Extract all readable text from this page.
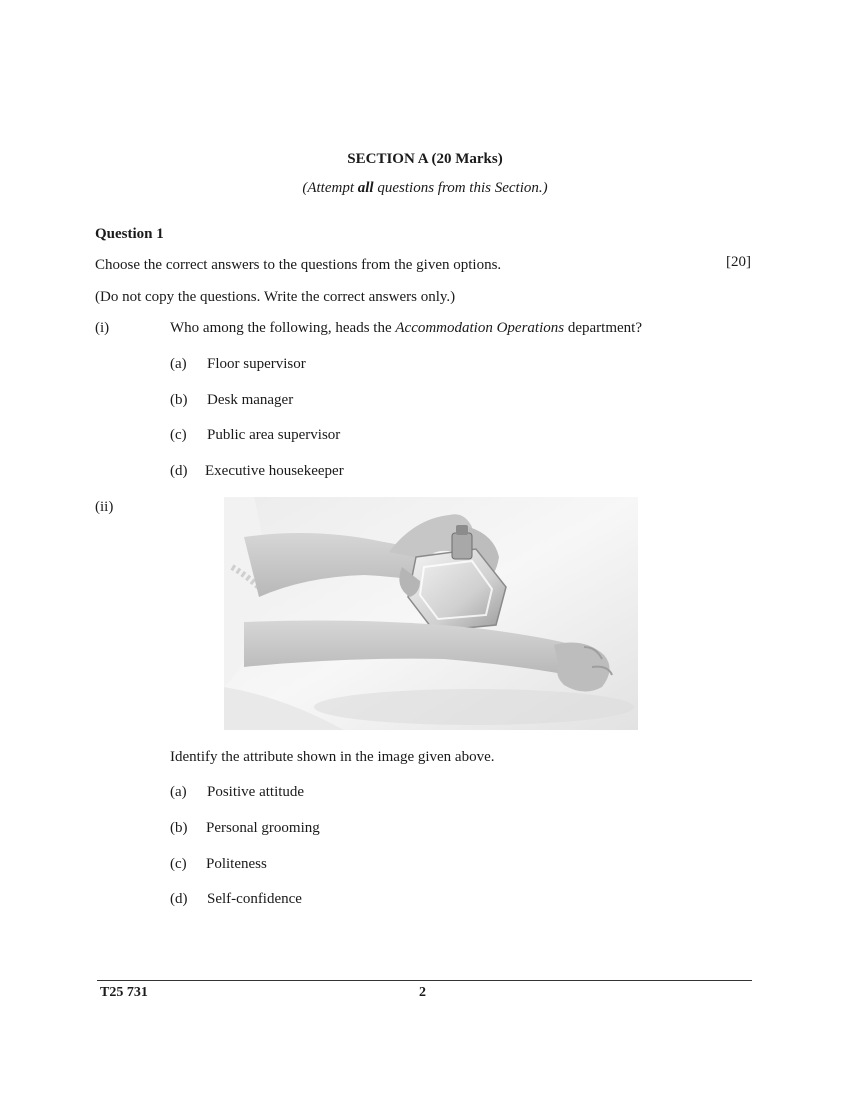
SECTION A (20 Marks)
(Attempt all questions from this Section.)
Question 1
Choose the correct answers to the questions from the given options.	[20]
(Do not copy the questions. Write the correct answers only.)
(i)	Who among the following, heads the Accommodation Operations department?
(a) Floor supervisor
(b) Desk manager
(c) Public area supervisor
(d) Executive housekeeper
(ii)
Identify the attribute shown in the image given above.
(a) Positive attitude
(b) Personal grooming
(c) Politeness
(d) Self-confidence
T25 731	2
